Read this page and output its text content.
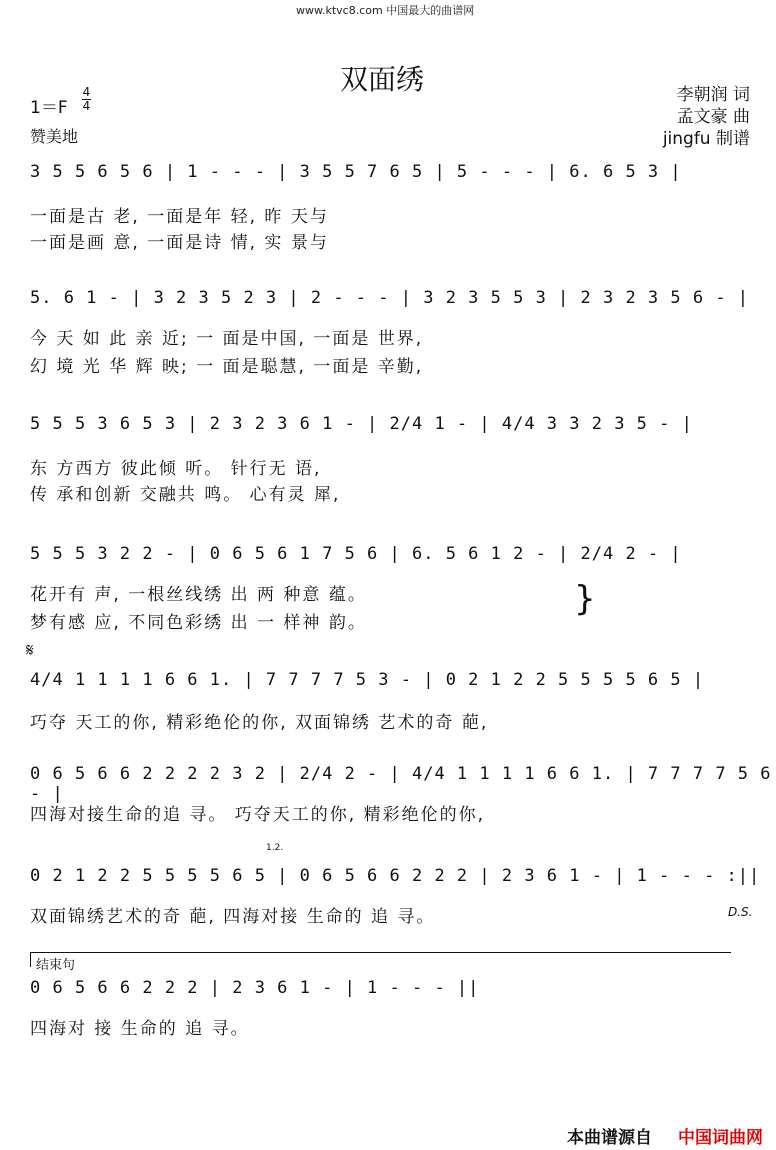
www.ktvc8.com 中国最大的曲谱网
双面绣
1＝F
4
4
赞美地
李朝润 词
孟文豪 曲
jingfu 制谱
3 5 5 6 5 6 | 1 - - - | 3 5 5 7 6 5 | 5 - - - | 6. 6 5 3 |
一面是古 老, 一面是年 轻, 昨 天与
一面是画 意, 一面是诗 情, 实 景与
5. 6 1 - | 3 2 3 5 2 3 | 2 - - - | 3 2 3 5 5 3 | 2 3 2 3 5 6 - |
今 天 如 此 亲 近; 一 面是中国, 一面是 世界,
幻 境 光 华 辉 映; 一 面是聪慧, 一面是 辛勤,
5 5 5 3 6 5 3 | 2 3 2 3 6 1 - | 2/4 1 - | 4/4 3 3 2 3 5 - |
东 方西方 彼此倾 听。 针行无 语,
传 承和创新 交融共 鸣。 心有灵 犀,
5 5 5 3 2 2 - | 0 6 5 6 1 7 5 6 | 6. 5 6 1 2 - | 2/4 2 - |
花开有 声, 一根丝线绣 出 两 种意 蕴。
梦有感 应, 不同色彩绣 出 一 样神 韵。
}
𝄋
4/4 1 1 1 1 6 6 1. | 7 7 7 7 5 3 - | 0 2 1 2 2 5 5 5 5 6 5 |
巧夺 天工的你, 精彩绝伦的你, 双面锦绣 艺术的奇 葩,
0 6 5 6 6 2 2 2 2 3 2 | 2/4 2 - | 4/4 1 1 1 1 6 6 1. | 7 7 7 7 5 6 - |
四海对接生命的追 寻。 巧夺天工的你, 精彩绝伦的你,
1.2.
0 2 1 2 2 5 5 5 5 6 5 | 0 6 5 6 6 2 2 2 | 2 3 6 1 - | 1 - - - :||
双面锦绣艺术的奇 葩, 四海对接 生命的 追 寻。	D.S.
结束句
0 6 5 6 6 2 2 2 | 2 3 6 1 - | 1 - - - ||
四海对 接 生命的 追 寻。
本曲谱源自 中国词曲网
